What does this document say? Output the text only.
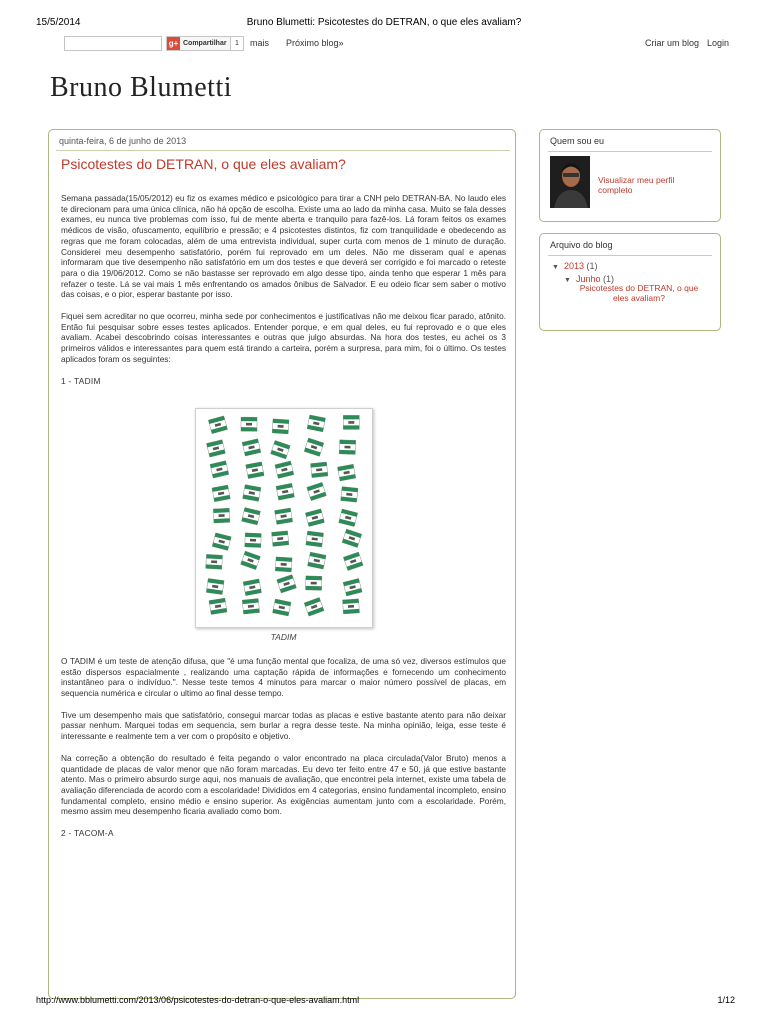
15/5/2014	Bruno Blumetti: Psicotestes do DETRAN, o que eles avaliam?
g+ Compartilhar	1	mais Próximo blog»	Criar um blog Login
Bruno Blumetti
quinta-feira, 6 de junho de 2013
Psicotestes do DETRAN, o que eles avaliam?

Semana passada(15/05/2012) eu fiz os exames médico e psicológico para tirar a CNH pelo DETRAN-BA. No laudo eles te direcionam para uma única clínica, não há opção de escolha. Existe uma ao lado da minha casa. Muito se fala desses exames, eu nunca tive problemas com isso, fui de mente aberta e tranquilo para fazê-los. Lá foram feitos os exames médicos de visão, ofuscamento, equilíbrio e pressão; e 4 psicotestes distintos, fiz com tranquilidade e obedecendo as regras que me foram colocadas, além de uma entrevista individual, super curta com menos de 1 minuto de duração. Considerei meu desempenho satisfatório, porém fui reprovado em um deles. Não me disseram qual e apenas informaram que tive desempenho não satisfatório em um dos testes e que deverá ser corrigido e foi marcado o reteste para o dia 19/06/2012. Como se não bastasse ser reprovado em algo desse tipo, ainda tenho que esperar 1 mês para refazer o teste. Lá se vai mais 1 mês enfrentando os amados ônibus de Salvador. E eu odeio ficar sem saber o motivo das coisas, e o pior, esperar bastante por isso.

Fiquei sem acreditar no que ocorreu, minha sede por conhecimentos e justificativas não me deixou ficar parado, atônito. Então fui pesquisar sobre esses testes aplicados. Entender porque, e em qual deles, eu fui reprovado e o que eles avaliam. Acabei descobrindo coisas interessantes e outras que julgo absurdas. Na hora dos testes, eu achei os 3 primeiros válidos e interessantes para quem está tirando a carteira, porém a surpresa, para mim, foi o último. Os testes aplicados foram os seguintes:

1 - TADIM

TADIM

O TADIM é um teste de atenção difusa, que "é uma função mental que focaliza, de uma só vez, diversos estímulos que estão dispersos espacialmente , realizando uma captação rápida de informações e fornecendo um conhecimento instantâneo para o indivíduo.". Nesse teste temos 4 minutos para marcar o maior número possível de placas, em sequencia numérica e circular o ultimo ao final desse tempo.

Tive um desempenho mais que satisfatório, consegui marcar todas as placas e estive bastante atento para não deixar passar nenhum. Marquei todas em sequencia, sem burlar a regra desse teste. Na minha opinião, leiga, esse teste é interessante e realmente tem a ver com o propósito e objetivo.

Na correção a obtenção do resultado é feita pegando o valor encontrado na placa circulada(Valor Bruto) menos a quantidade de placas de valor menor que não foram marcadas. Eu devo ter feito entre 47 e 50, já que estive bastante atento. Mas o primeiro absurdo surge aqui, nos manuais de avaliação, que encontrei pela internet, existe uma tabela de avaliação diferenciada de acordo com a escolaridade! Divididos em 4 categorias, ensino fundamental incompleto, ensino fundamental completo, ensino médio e ensino superior. As exigências aumentam junto com a escolaridade. Porém, mesmo assim meu desempenho ficaria avaliado como bom.

2 - TACOM-A

Quem sou eu
Visualizar meu perfil completo
Arquivo do blog
▼ 2013 (1)
▼ Junho (1)
Psicotestes do DETRAN, o que eles avaliam?
http://www.bblumetti.com/2013/06/psicotestes-do-detran-o-que-eles-avaliam.html	1/12
